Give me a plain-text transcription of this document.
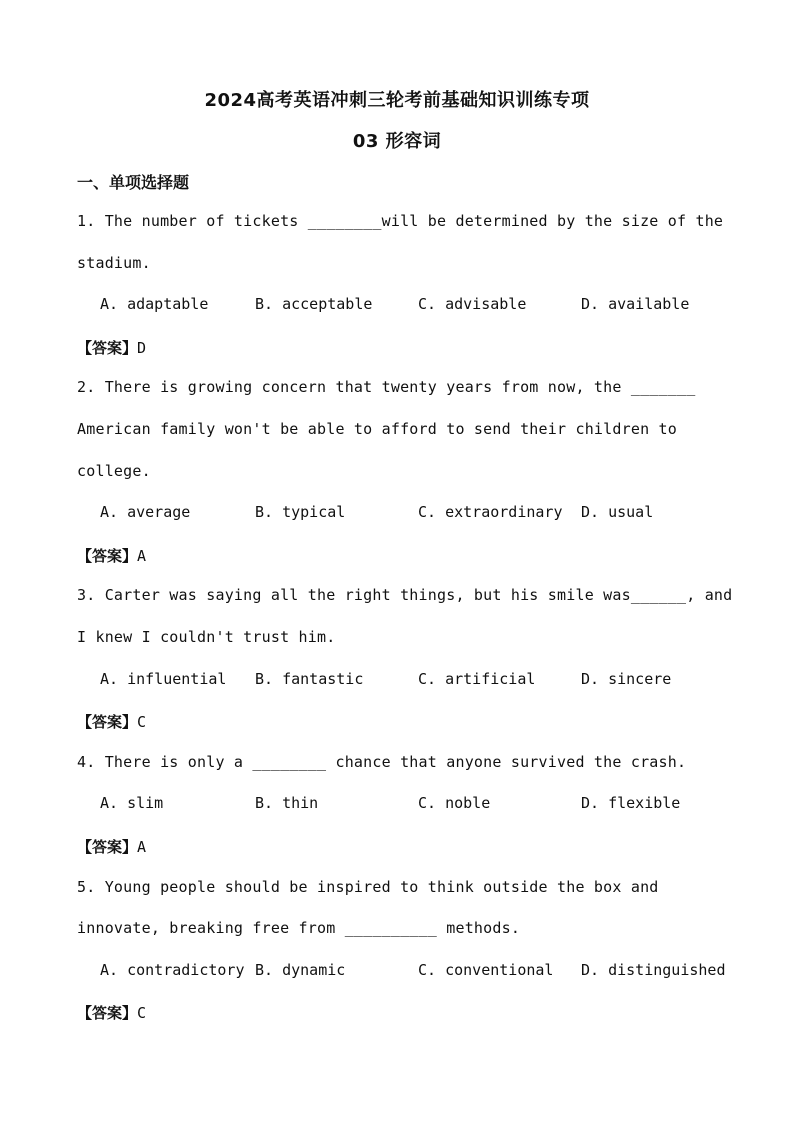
2024高考英语冲刺三轮考前基础知识训练专项
03 形容词
一、单项选择题
1. The number of tickets ________will be determined by the size of the
stadium.
A. adaptable	B. acceptable	C. advisable	D. available
【答案】D
2. There is growing concern that twenty years from now, the _______
American family won't be able to afford to send their children to
college.
A. average	B. typical	C. extraordinary D. usual
【答案】A
3. Carter was saying all the right things, but his smile was______, and
I knew I couldn't trust him.
A. influential B. fantastic	C. artificial	D. sincere
【答案】C
4. There is only a ________ chance that anyone survived the crash.
A. slim	B. thin	C. noble	D. flexible
【答案】A
5. Young people should be inspired to think outside the box and
innovate, breaking free from __________ methods.
A. contradictory B. dynamic	C. conventional D. distinguished
【答案】C
